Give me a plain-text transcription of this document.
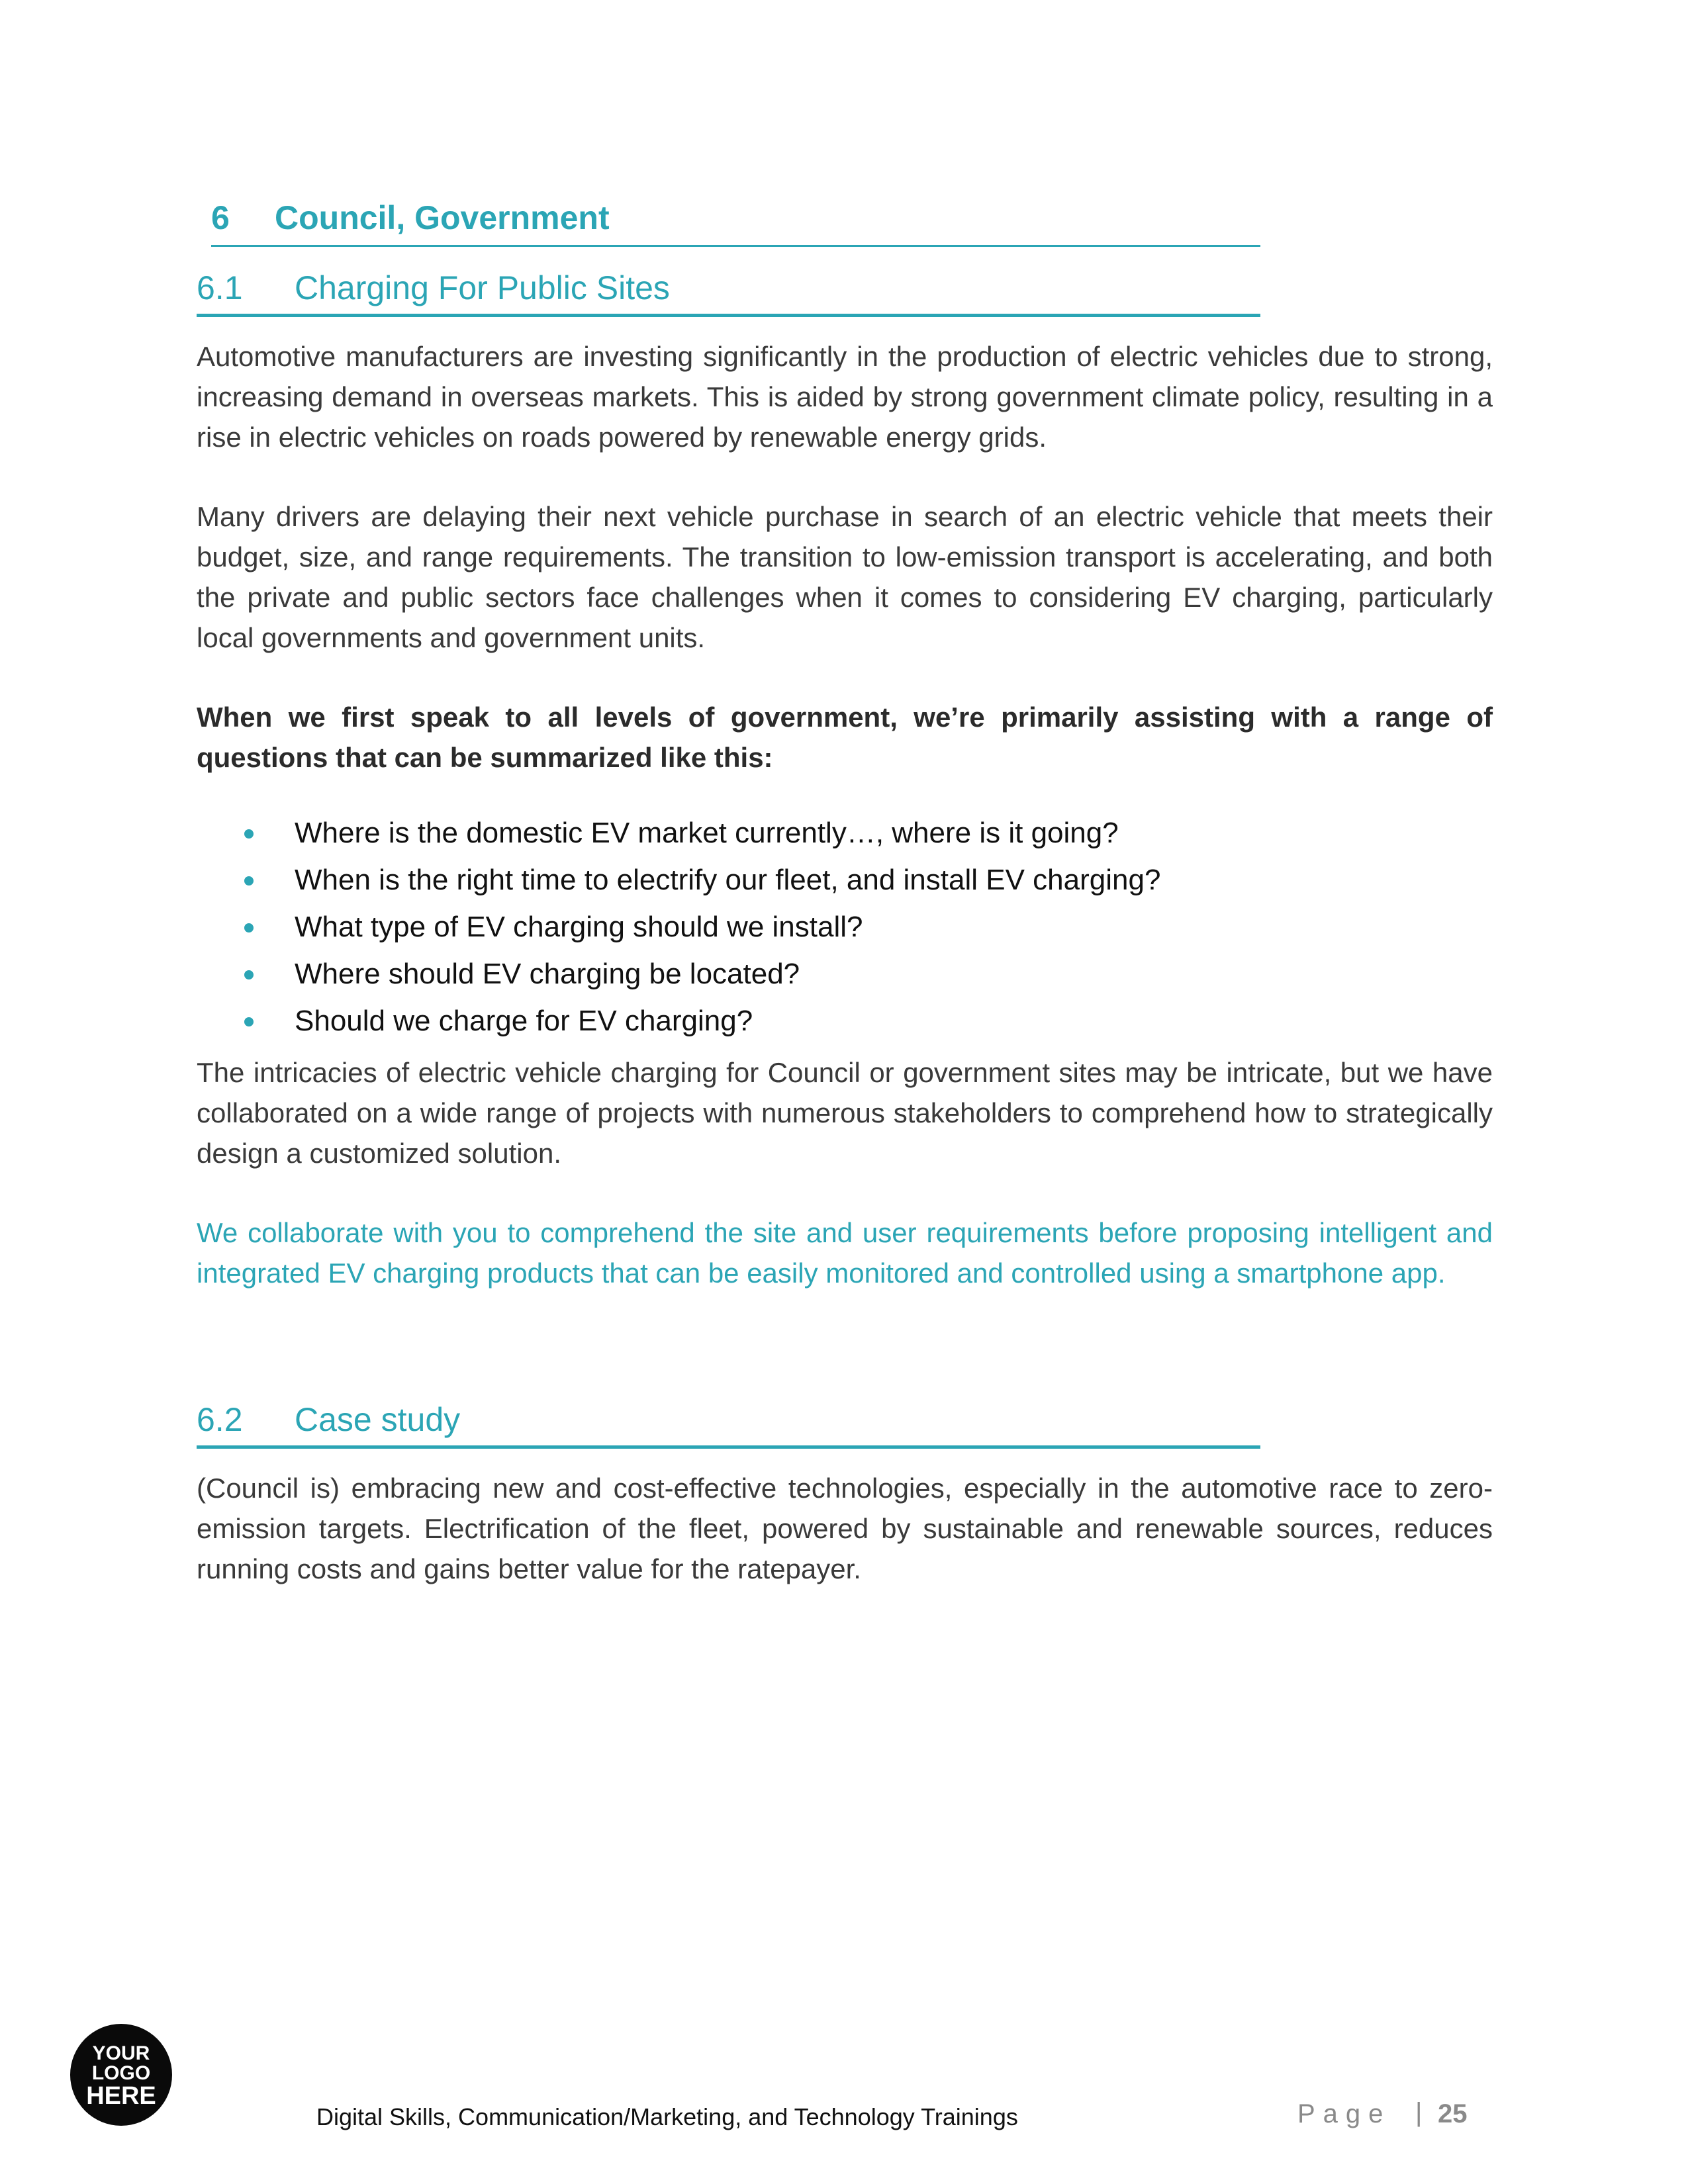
6 Council, Government
6.1 Charging For Public Sites

Automotive manufacturers are investing significantly in the production of electric vehicles due to strong, increasing demand in overseas markets. This is aided by strong government climate policy, resulting in a rise in electric vehicles on roads powered by renewable energy grids.

Many drivers are delaying their next vehicle purchase in search of an electric vehicle that meets their budget, size, and range requirements. The transition to low-emission transport is accelerating, and both the private and public sectors face challenges when it comes to considering EV charging, particularly local governments and government units.

When we first speak to all levels of government, we’re primarily assisting with a range of questions that can be summarized like this:

Where is the domestic EV market currently…, where is it going?
When is the right time to electrify our fleet, and install EV charging?
What type of EV charging should we install?
Where should EV charging be located?
Should we charge for EV charging?

The intricacies of electric vehicle charging for Council or government sites may be intricate, but we have collaborated on a wide range of projects with numerous stakeholders to comprehend how to strategically design a customized solution.

We collaborate with you to comprehend the site and user requirements before proposing intelligent and integrated EV charging products that can be easily monitored and controlled using a smartphone app.

6.2 Case study

(Council is) embracing new and cost-effective technologies, especially in the automotive race to zero-emission targets. Electrification of the fleet, powered by sustainable and renewable sources, reduces running costs and gains better value for the ratepayer.

YOUR
LOGO
HERE
Digital Skills, Communication/Marketing, and Technology Trainings	Page | 25
